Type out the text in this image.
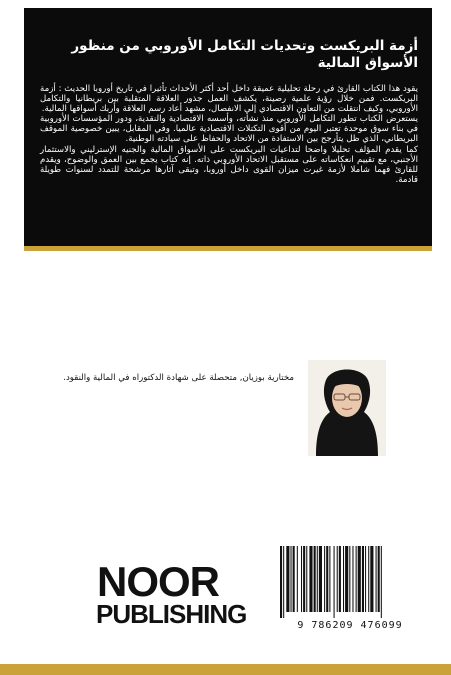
أزمة البريكست وتحديات التكامل الأوروبي من منظور الأسواق المالية

يقود هذا الكتاب القارئ في رحلة تحليلية عميقة داخل أحد أكثر الأحداث تأثيرا في تاريخ أوروبا الحديث : أزمة البريكست. فمن خلال رؤية علمية رصينة، يكشف العمل جذور العلاقة المتقلبة بين بريطانيا والتكامل الأوروبي، وكيف انتقلت من التعاون الاقتصادي إلى الانفصال، مشهد أعاد رسم العلاقة وأربك أسواقها المالية.

يستعرض الكتاب تطور التكامل الأوروبي منذ نشأته، وأسسه الاقتصادية والنقدية، ودور المؤسسات الأوروبية في بناء سوق موحدة تعتبر اليوم من أقوى التكتلات الاقتصادية عالميا. وفي المقابل، يبين خصوصية الموقف البريطاني، الذي ظل يتأرجح بين الاستفادة من الاتحاد والحفاظ على سيادته الوطنية.

كما يقدم المؤلف تحليلا واضحا لتداعيات البريكست على الأسواق المالية والجنيه الإسترليني والاستثمار الأجنبي، مع تقييم انعكاساته على مستقبل الاتحاد الأوروبي ذاته. إنه كتاب يجمع بين العمق والوضوح، ويقدم للقارئ فهما شاملا لأزمة غيرت ميزان القوى داخل أوروبا، وتبقى آثارها مرشحة للتمدد لسنوات طويلة قادمة.

مختارية بوزيان, متحصلة على شهادة الدكتوراه في المالية والنقود.

NOOR
PUBLISHING	9 786209 476099
